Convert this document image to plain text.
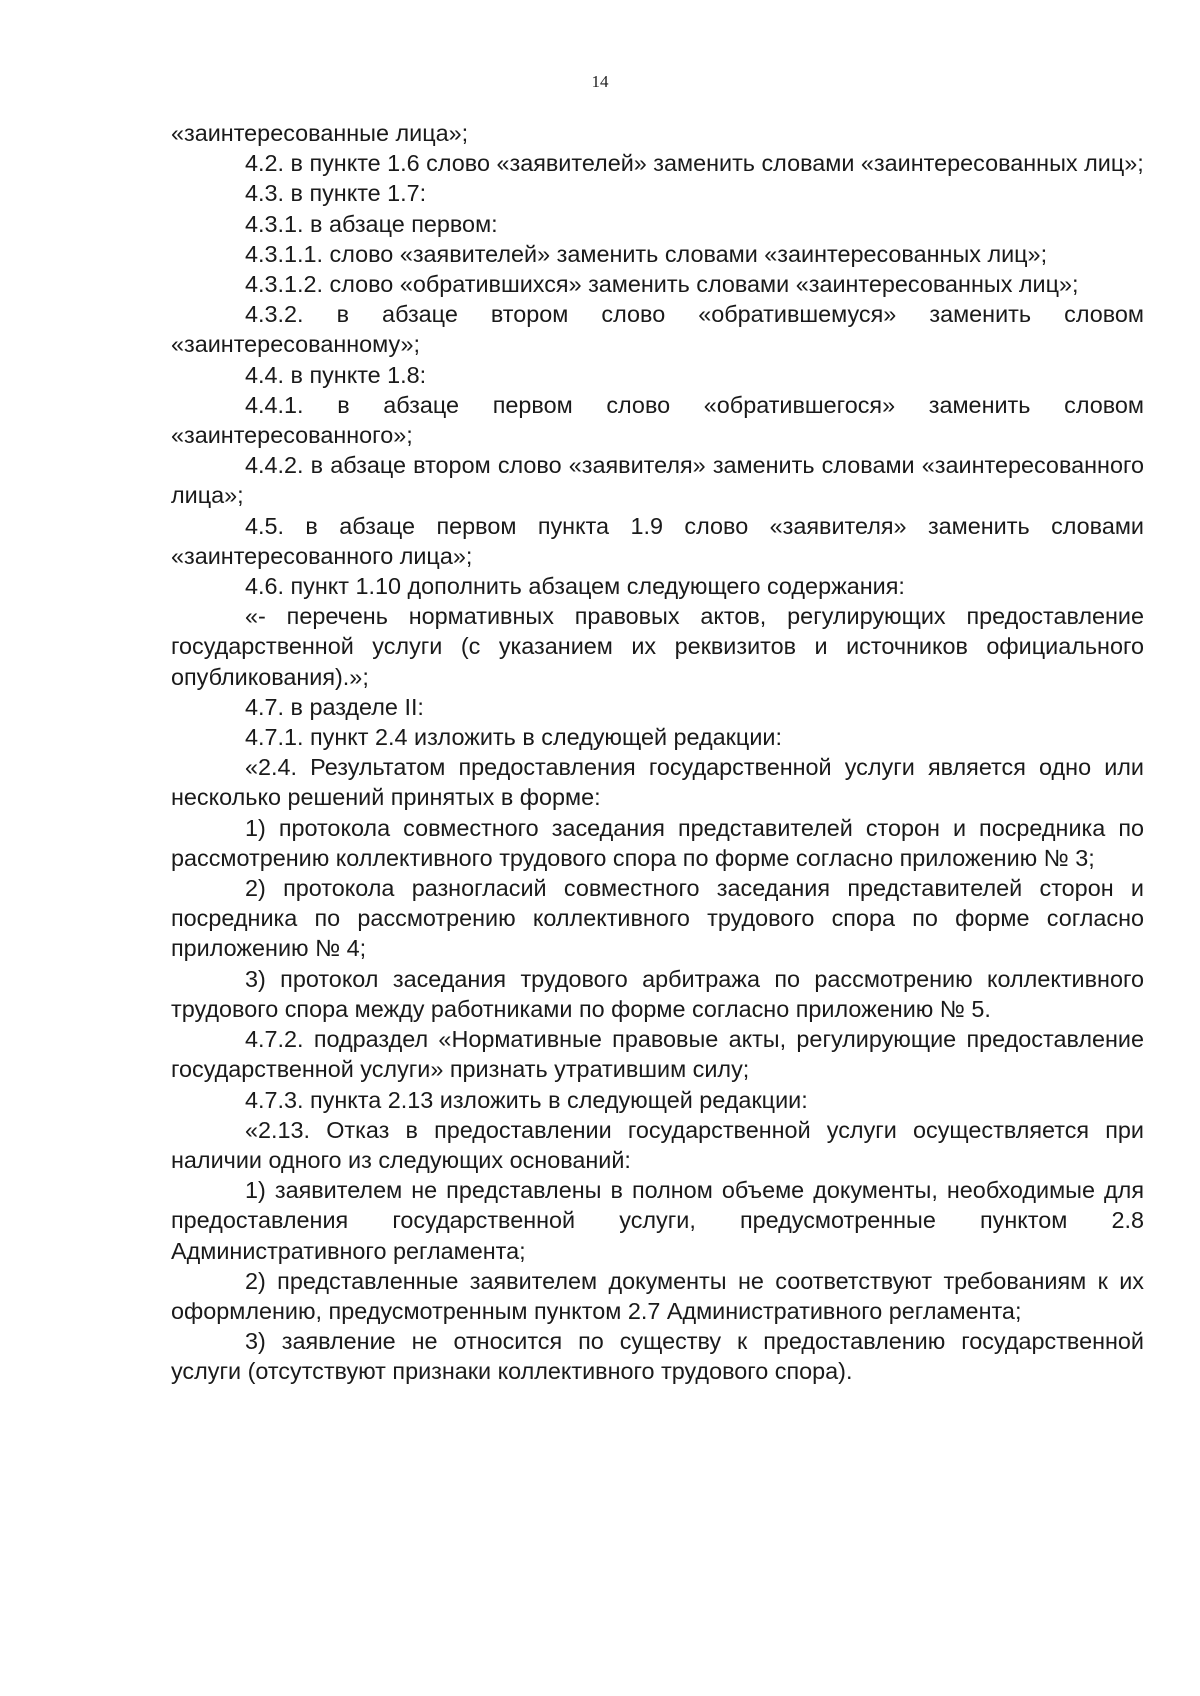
14

«заинтересованные лица»;

4.2. в пункте 1.6 слово «заявителей» заменить словами «заинтересованных лиц»;

4.3. в пункте 1.7:

4.3.1. в абзаце первом:

4.3.1.1. слово «заявителей» заменить словами «заинтересованных лиц»;

4.3.1.2. слово «обратившихся» заменить словами «заинтересованных лиц»;

4.3.2. в абзаце втором слово «обратившемуся» заменить словом «заинтересованному»;

4.4. в пункте 1.8:

4.4.1. в абзаце первом слово «обратившегося» заменить словом «заинтересованного»;

4.4.2. в абзаце втором слово «заявителя» заменить словами «заинтересованного лица»;

4.5. в абзаце первом пункта 1.9 слово «заявителя» заменить словами «заинтересованного лица»;

4.6. пункт 1.10 дополнить абзацем следующего содержания:

«- перечень нормативных правовых актов, регулирующих предоставление государственной услуги (с указанием их реквизитов и источников официального опубликования).»;

4.7. в разделе II:

4.7.1. пункт 2.4 изложить в следующей редакции:

«2.4. Результатом предоставления государственной услуги является одно или несколько решений принятых в форме:

1) протокола совместного заседания представителей сторон и посредника по рассмотрению коллективного трудового спора по форме согласно приложению № 3;

2) протокола разногласий совместного заседания представителей сторон и посредника по рассмотрению коллективного трудового спора по форме согласно приложению № 4;

3) протокол заседания трудового арбитража по рассмотрению коллективного трудового спора между работниками по форме согласно приложению № 5.

4.7.2. подраздел «Нормативные правовые акты, регулирующие предоставление государственной услуги» признать утратившим силу;

4.7.3. пункта 2.13 изложить в следующей редакции:

«2.13. Отказ в предоставлении государственной услуги осуществляется при наличии одного из следующих оснований:

1) заявителем не представлены в полном объеме документы, необходимые для предоставления государственной услуги, предусмотренные пунктом 2.8 Административного регламента;

2) представленные заявителем документы не соответствуют требованиям к их оформлению, предусмотренным пунктом 2.7 Административного регламента;

3) заявление не относится по существу к предоставлению государственной услуги (отсутствуют признаки коллективного трудового спора).
